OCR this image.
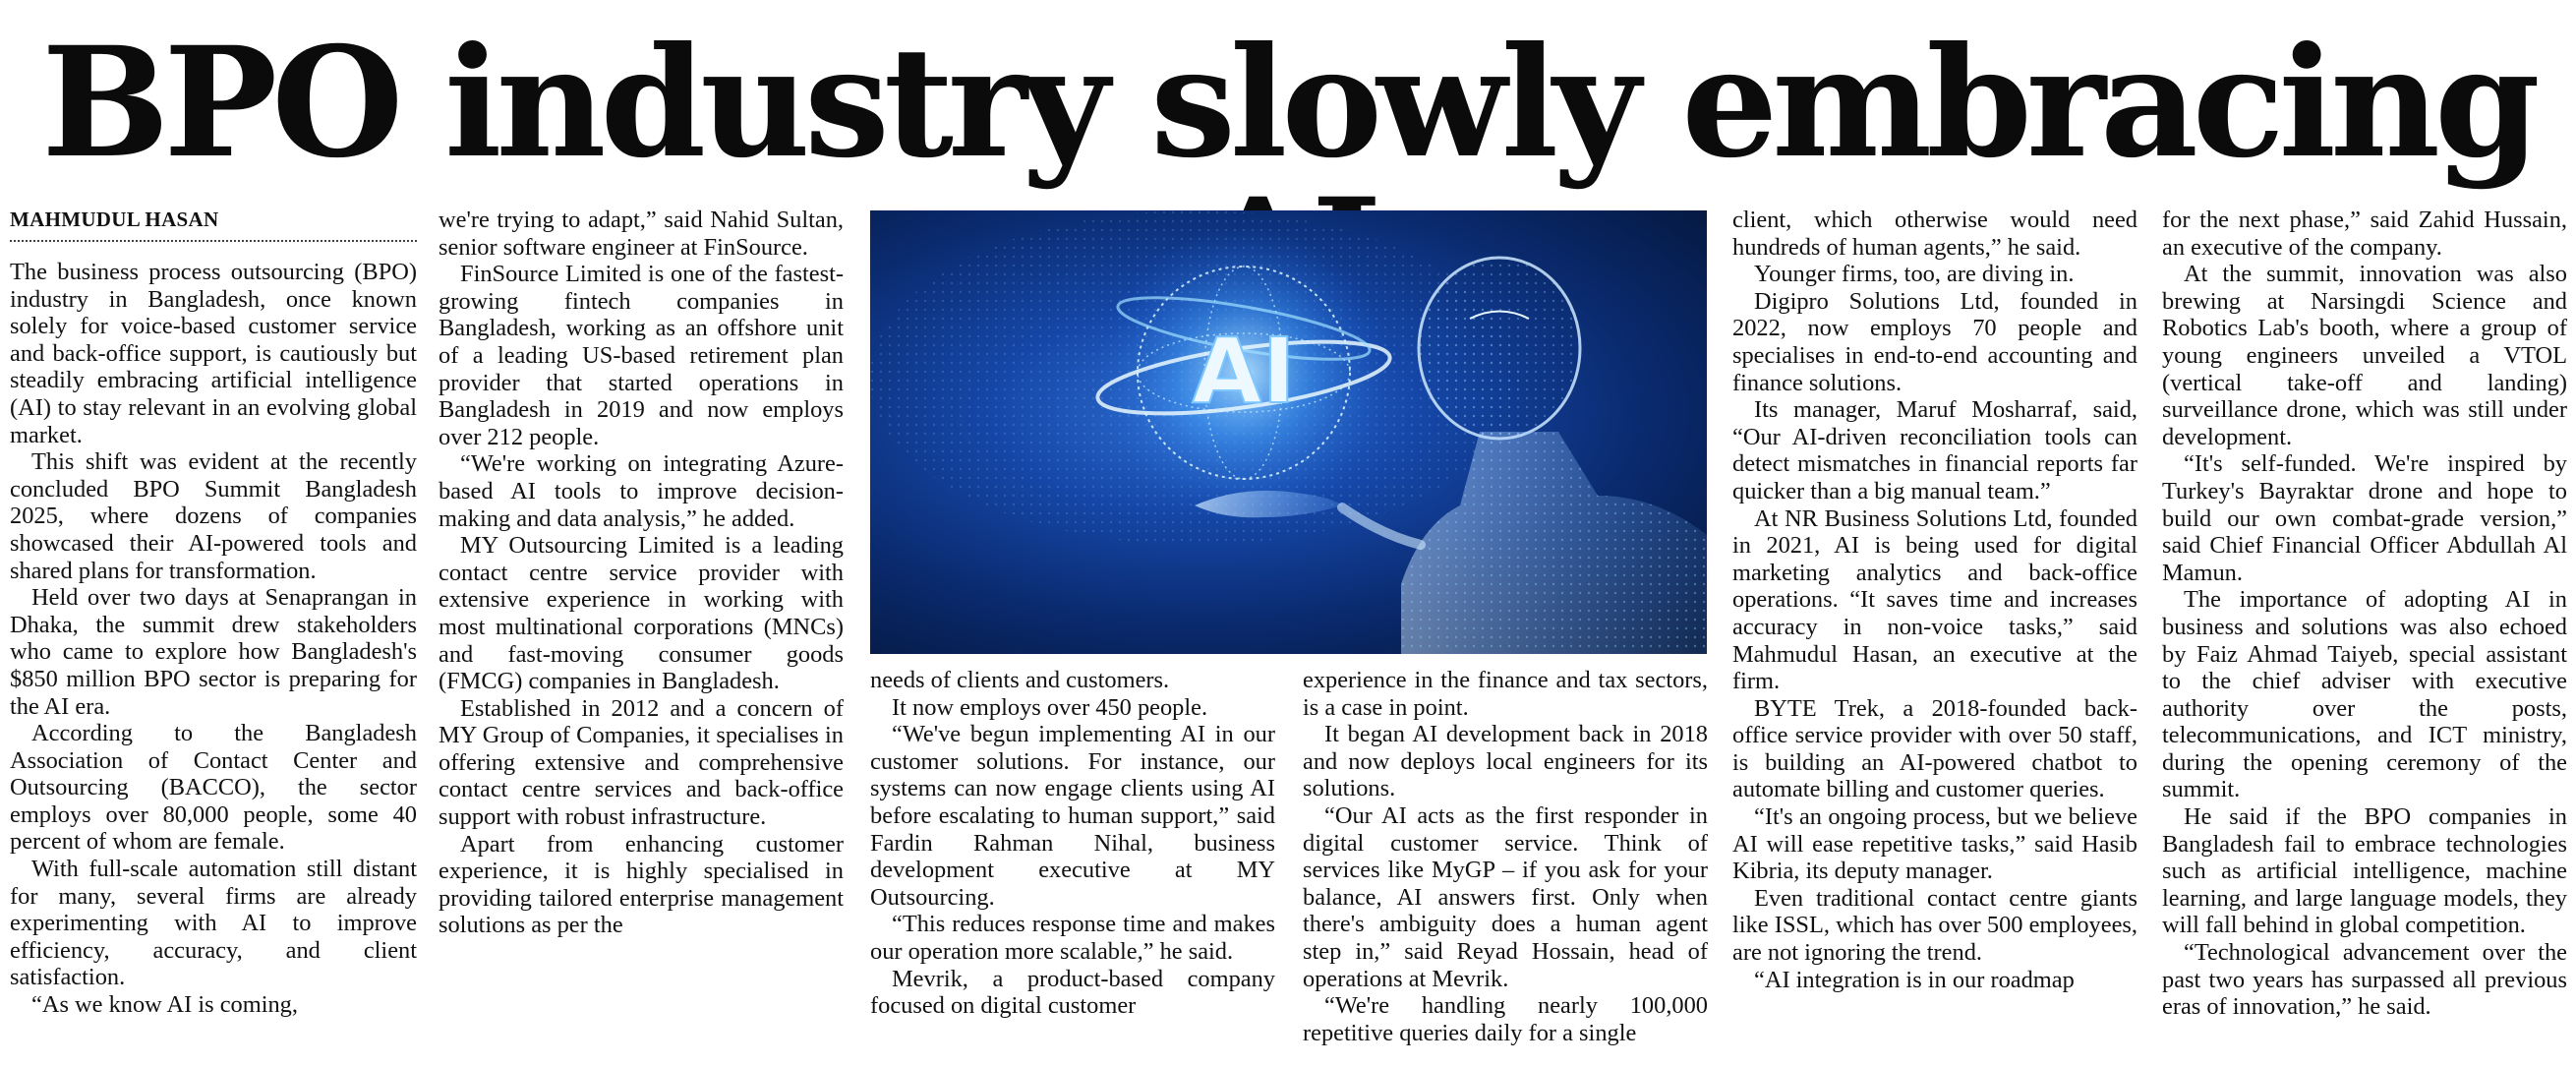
BPO industry slowly embracing
MAHMUDUL HASAN

The business process outsourcing (BPO) industry in Bangladesh, once known solely for voice-based customer service and back-office support, is cautiously but steadily embracing artificial intelligence (AI) to stay relevant in an evolving global market.

This shift was evident at the recently concluded BPO Summit Bangladesh 2025, where dozens of companies showcased their AI-powered tools and shared plans for transformation.

Held over two days at Senaprangan in Dhaka, the summit drew stakeholders who came to explore how Bangladesh's $850 million BPO sector is preparing for the AI era.

According to the Bangladesh Association of Contact Center and Outsourcing (BACCO), the sector employs over 80,000 people, some 40 percent of whom are female.

With full-scale automation still distant for many, several firms are already experimenting with AI to improve efficiency, accuracy, and client satisfaction.

“As we know AI is coming,

we're trying to adapt,” said Nahid Sultan, senior software engineer at FinSource.

FinSource Limited is one of the fastest-growing fintech companies in Bangladesh, working as an offshore unit of a leading US-based retirement plan provider that started operations in Bangladesh in 2019 and now employs over 212 people.

“We're working on integrating Azure-based AI tools to improve decision-making and data analysis,” he added.

MY Outsourcing Limited is a leading contact centre service provider with extensive experience in working with most multinational corporations (MNCs) and fast-moving consumer goods (FMCG) companies in Bangladesh.

Established in 2012 and a concern of MY Group of Companies, it specialises in offering extensive and comprehensive contact centre services and back-office support with robust infrastructure.

Apart from enhancing customer experience, it is highly specialised in providing tailored enterprise management solutions as per the

AI

needs of clients and customers.

It now employs over 450 people.

“We've begun implementing AI in our customer solutions. For instance, our systems can now engage clients using AI before escalating to human support,” said Fardin Rahman Nihal, business development executive at MY Outsourcing.

“This reduces response time and makes our operation more scalable,” he said.

Mevrik, a product-based company focused on digital customer

experience in the finance and tax sectors, is a case in point.

It began AI development back in 2018 and now deploys local engineers for its solutions.

“Our AI acts as the first responder in digital customer service. Think of services like MyGP – if you ask for your balance, AI answers first. Only when there's ambiguity does a human agent step in,” said Reyad Hossain, head of operations at Mevrik.

“We're handling nearly 100,000 repetitive queries daily for a single

client, which otherwise would need hundreds of human agents,” he said.

Younger firms, too, are diving in.

Digipro Solutions Ltd, founded in 2022, now employs 70 people and specialises in end-to-end accounting and finance solutions.

Its manager, Maruf Mosharraf, said, “Our AI-driven reconciliation tools can detect mismatches in financial reports far quicker than a big manual team.”

At NR Business Solutions Ltd, founded in 2021, AI is being used for digital marketing analytics and back-office operations. “It saves time and increases accuracy in non-voice tasks,” said Mahmudul Hasan, an executive at the firm.

BYTE Trek, a 2018-founded back-office service provider with over 50 staff, is building an AI-powered chatbot to automate billing and customer queries.

“It's an ongoing process, but we believe AI will ease repetitive tasks,” said Hasib Kibria, its deputy manager.

Even traditional contact centre giants like ISSL, which has over 500 employees, are not ignoring the trend.

“AI integration is in our roadmap

for the next phase,” said Zahid Hussain, an executive of the company.

At the summit, innovation was also brewing at Narsingdi Science and Robotics Lab's booth, where a group of young engineers unveiled a VTOL (vertical take-off and landing) surveillance drone, which was still under development.

“It's self-funded. We're inspired by Turkey's Bayraktar drone and hope to build our own combat-grade version,” said Chief Financial Officer Abdullah Al Mamun.

The importance of adopting AI in business and solutions was also echoed by Faiz Ahmad Taiyeb, special assistant to the chief adviser with executive authority over the posts, telecommunications, and ICT ministry, during the opening ceremony of the summit.

He said if the BPO companies in Bangladesh fail to embrace technologies such as artificial intelligence, machine learning, and large language models, they will fall behind in global competition.

“Technological advancement over the past two years has surpassed all previous eras of innovation,” he said.
